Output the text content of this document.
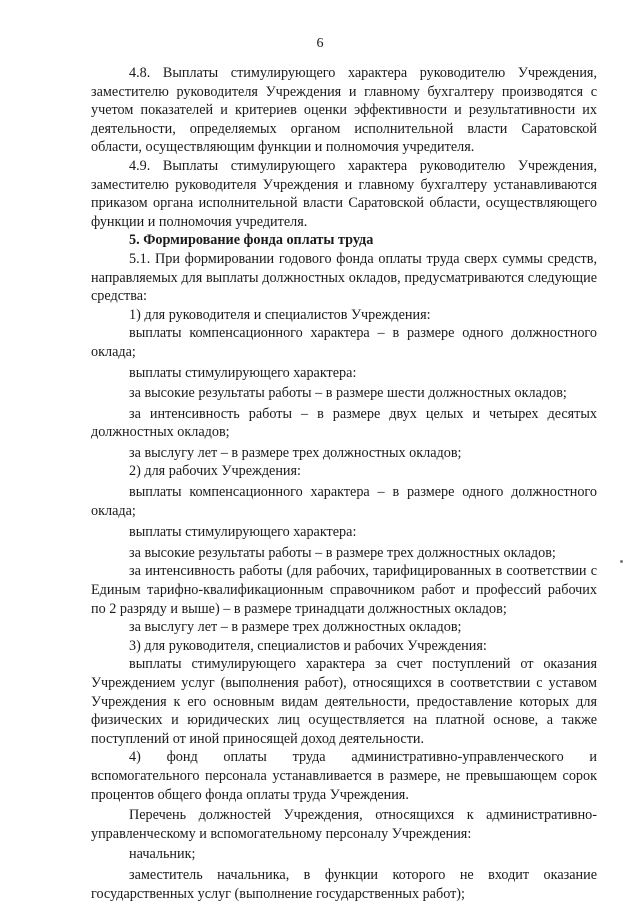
6

4.8. Выплаты стимулирующего характера руководителю Учреждения, заместителю руководителя Учреждения и главному бухгалтеру производятся с учетом показателей и критериев оценки эффективности и результативности их деятельности, определяемых органом исполнительной власти Саратовской области, осуществляющим функции и полномочия учредителя.

4.9. Выплаты стимулирующего характера руководителю Учреждения, заместителю руководителя Учреждения и главному бухгалтеру устанавливаются приказом органа исполнительной власти Саратовской области, осуществляющего функции и полномочия учредителя.

5. Формирование фонда оплаты труда

5.1. При формировании годового фонда оплаты труда сверх суммы средств, направляемых для выплаты должностных окладов, предусматриваются следующие средства:

1) для руководителя и специалистов Учреждения:

выплаты компенсационного характера – в размере одного должностного оклада;

выплаты стимулирующего характера:

за высокие результаты работы – в размере шести должностных окладов;

за интенсивность работы – в размере двух целых и четырех десятых должностных окладов;

за выслугу лет – в размере трех должностных окладов;

2) для рабочих Учреждения:

выплаты компенсационного характера – в размере одного должностного оклада;

выплаты стимулирующего характера:

за высокие результаты работы – в размере трех должностных окладов;

за интенсивность работы (для рабочих, тарифицированных в соответствии с Единым тарифно-квалификационным справочником работ и профессий рабочих по 2 разряду и выше) – в размере тринадцати должностных окладов;

за выслугу лет – в размере трех должностных окладов;

3) для руководителя, специалистов и рабочих Учреждения:

выплаты стимулирующего характера за счет поступлений от оказания Учреждением услуг (выполнения работ), относящихся в соответствии с уставом Учреждения к его основным видам деятельности, предоставление которых для физических и юридических лиц осуществляется на платной основе, а также поступлений от иной приносящей доход деятельности.

4) фонд оплаты труда административно-управленческого и вспомогательного персонала устанавливается в размере, не превышающем сорок процентов общего фонда оплаты труда Учреждения.

Перечень должностей Учреждения, относящихся к административно-управленческому и вспомогательному персоналу Учреждения:

начальник;

заместитель начальника, в функции которого не входит оказание государственных услуг (выполнение государственных работ);
